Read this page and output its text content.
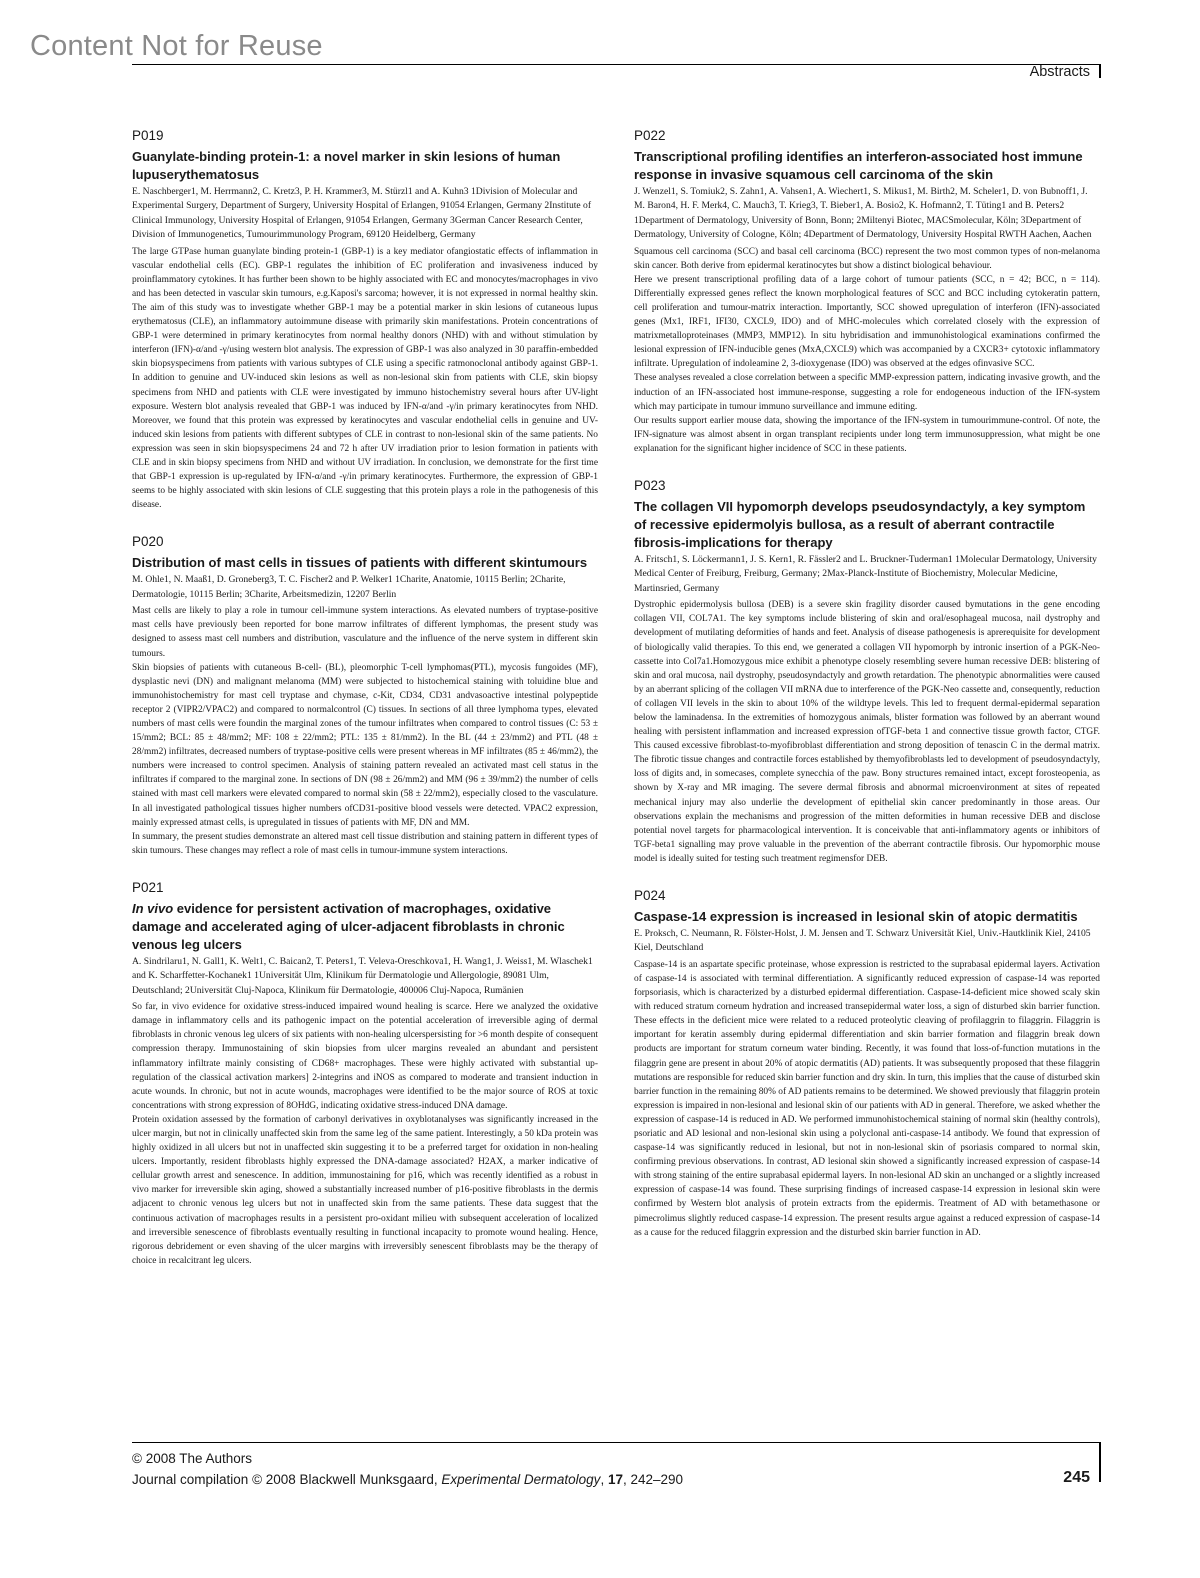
Content Not for Reuse
Abstracts
P019
Guanylate-binding protein-1: a novel marker in skin lesions of human lupuserythematosus
E. Naschberger1, M. Herrmann2, C. Kretz3, P. H. Krammer3, M. Stürzl1 and A. Kuhn3 1Division of Molecular and Experimental Surgery, Department of Surgery, University Hospital of Erlangen, 91054 Erlangen, Germany 2Institute of Clinical Immunology, University Hospital of Erlangen, 91054 Erlangen, Germany 3German Cancer Research Center, Division of Immunogenetics, Tumourimmunology Program, 69120 Heidelberg, Germany

The large GTPase human guanylate binding protein-1 (GBP-1) is a key mediator ofangiostatic effects of inflammation in vascular endothelial cells (EC). GBP-1 regulates the inhibition of EC proliferation and invasiveness induced by proinflammatory cytokines. It has further been shown to be highly associated with EC and monocytes/macrophages in vivo and has been detected in vascular skin tumours, e.g.Kaposi's sarcoma; however, it is not expressed in normal healthy skin. The aim of this study was to investigate whether GBP-1 may be a potential marker in skin lesions of cutaneous lupus erythematosus (CLE), an inflammatory autoimmune disease with primarily skin manifestations. Protein concentrations of GBP-1 were determined in primary keratinocytes from normal healthy donors (NHD) with and without stimulation by interferon (IFN)-α/and -γ/using western blot analysis. The expression of GBP-1 was also analyzed in 30 paraffin-embedded skin biopsyspecimens from patients with various subtypes of CLE using a specific ratmonoclonal antibody against GBP-1. In addition to genuine and UV-induced skin lesions as well as non-lesional skin from patients with CLE, skin biopsy specimens from NHD and patients with CLE were investigated by immuno histochemistry several hours after UV-light exposure. Western blot analysis revealed that GBP-1 was induced by IFN-α/and -γ/in primary keratinocytes from NHD. Moreover, we found that this protein was expressed by keratinocytes and vascular endothelial cells in genuine and UV-induced skin lesions from patients with different subtypes of CLE in contrast to non-lesional skin of the same patients. No expression was seen in skin biopsyspecimens 24 and 72 h after UV irradiation prior to lesion formation in patients with CLE and in skin biopsy specimens from NHD and without UV irradiation. In conclusion, we demonstrate for the first time that GBP-1 expression is up-regulated by IFN-α/and -γ/in primary keratinocytes. Furthermore, the expression of GBP-1 seems to be highly associated with skin lesions of CLE suggesting that this protein plays a role in the pathogenesis of this disease.

P020
Distribution of mast cells in tissues of patients with different skintumours
M. Ohle1, N. Maaß1, D. Groneberg3, T. C. Fischer2 and P. Welker1 1Charite, Anatomie, 10115 Berlin; 2Charite, Dermatologie, 10115 Berlin; 3Charite, Arbeitsmedizin, 12207 Berlin

Mast cells are likely to play a role in tumour cell-immune system interactions. As elevated numbers of tryptase-positive mast cells have previously been reported for bone marrow infiltrates of different lymphomas, the present study was designed to assess mast cell numbers and distribution, vasculature and the influence of the nerve system in different skin tumours.

Skin biopsies of patients with cutaneous B-cell- (BL), pleomorphic T-cell lymphomas(PTL), mycosis fungoides (MF), dysplastic nevi (DN) and malignant melanoma (MM) were subjected to histochemical staining with toluidine blue and immunohistochemistry for mast cell tryptase and chymase, c-Kit, CD34, CD31 andvasoactive intestinal polypeptide receptor 2 (VIPR2/VPAC2) and compared to normalcontrol (C) tissues. In sections of all three lymphoma types, elevated numbers of mast cells were foundin the marginal zones of the tumour infiltrates when compared to control tissues (C: 53 ± 15/mm2; BCL: 85 ± 48/mm2; MF: 108 ± 22/mm2; PTL: 135 ± 81/mm2). In the BL (44 ± 23/mm2) and PTL (48 ± 28/mm2) infiltrates, decreased numbers of tryptase-positive cells were present whereas in MF infiltrates (85 ± 46/mm2), the numbers were increased to control specimen. Analysis of staining pattern revealed an activated mast cell status in the infiltrates if compared to the marginal zone. In sections of DN (98 ± 26/mm2) and MM (96 ± 39/mm2) the number of cells stained with mast cell markers were elevated compared to normal skin (58 ± 22/mm2), especially closed to the vasculature. In all investigated pathological tissues higher numbers ofCD31-positive blood vessels were detected. VPAC2 expression, mainly expressed atmast cells, is upregulated in tissues of patients with MF, DN and MM.

In summary, the present studies demonstrate an altered mast cell tissue distribution and staining pattern in different types of skin tumours. These changes may reflect a role of mast cells in tumour-immune system interactions.

P021
In vivo evidence for persistent activation of macrophages, oxidative damage and accelerated aging of ulcer-adjacent fibroblasts in chronic venous leg ulcers
A. Sindrilaru1, N. Gall1, K. Welt1, C. Baican2, T. Peters1, T. Veleva-Oreschkova1, H. Wang1, J. Weiss1, M. Wlaschek1 and K. Scharffetter-Kochanek1 1Universität Ulm, Klinikum für Dermatologie und Allergologie, 89081 Ulm, Deutschland; 2Universität Cluj-Napoca, Klinikum für Dermatologie, 400006 Cluj-Napoca, Rumänien

So far, in vivo evidence for oxidative stress-induced impaired wound healing is scarce. Here we analyzed the oxidative damage in inflammatory cells and its pathogenic impact on the potential acceleration of irreversible aging of dermal fibroblasts in chronic venous leg ulcers of six patients with non-healing ulcerspersisting for >6 month despite of consequent compression therapy. Immunostaining of skin biopsies from ulcer margins revealed an abundant and persistent inflammatory infiltrate mainly consisting of CD68+ macrophages. These were highly activated with substantial up-regulation of the classical activation markers] 2-integrins and iNOS as compared to moderate and transient induction in acute wounds. In chronic, but not in acute wounds, macrophages were identified to be the major source of ROS at toxic concentrations with strong expression of 8OHdG, indicating oxidative stress-induced DNA damage.

Protein oxidation assessed by the formation of carbonyl derivatives in oxyblotanalyses was significantly increased in the ulcer margin, but not in clinically unaffected skin from the same leg of the same patient. Interestingly, a 50 kDa protein was highly oxidized in all ulcers but not in unaffected skin suggesting it to be a preferred target for oxidation in non-healing ulcers. Importantly, resident fibroblasts highly expressed the DNA-damage associated? H2AX, a marker indicative of cellular growth arrest and senescence. In addition, immunostaining for p16, which was recently identified as a robust in vivo marker for irreversible skin aging, showed a substantially increased number of p16-positive fibroblasts in the dermis adjacent to chronic venous leg ulcers but not in unaffected skin from the same patients. These data suggest that the continuous activation of macrophages results in a persistent pro-oxidant milieu with subsequent acceleration of localized and irreversible senescence of fibroblasts eventually resulting in functional incapacity to promote wound healing. Hence, rigorous debridement or even shaving of the ulcer margins with irreversibly senescent fibroblasts may be the therapy of choice in recalcitrant leg ulcers.

P022
Transcriptional profiling identifies an interferon-associated host immune response in invasive squamous cell carcinoma of the skin
J. Wenzel1, S. Tomiuk2, S. Zahn1, A. Vahsen1, A. Wiechert1, S. Mikus1, M. Birth2, M. Scheler1, D. von Bubnoff1, J. M. Baron4, H. F. Merk4, C. Mauch3, T. Krieg3, T. Bieber1, A. Bosio2, K. Hofmann2, T. Tüting1 and B. Peters2 1Department of Dermatology, University of Bonn, Bonn; 2Miltenyi Biotec, MACSmolecular, Köln; 3Department of Dermatology, University of Cologne, Köln; 4Department of Dermatology, University Hospital RWTH Aachen, Aachen

Squamous cell carcinoma (SCC) and basal cell carcinoma (BCC) represent the two most common types of non-melanoma skin cancer. Both derive from epidermal keratinocytes but show a distinct biological behaviour.

Here we present transcriptional profiling data of a large cohort of tumour patients (SCC, n = 42; BCC, n = 114). Differentially expressed genes reflect the known morphological features of SCC and BCC including cytokeratin pattern, cell proliferation and tumour-matrix interaction. Importantly, SCC showed upregulation of interferon (IFN)-associated genes (Mx1, IRF1, IFI30, CXCL9, IDO) and of MHC-molecules which correlated closely with the expression of matrixmetalloproteinases (MMP3, MMP12). In situ hybridisation and immunohistological examinations confirmed the lesional expression of IFN-inducible genes (MxA,CXCL9) which was accompanied by a CXCR3+ cytotoxic inflammatory infiltrate. Upregulation of indoleamine 2, 3-dioxygenase (IDO) was observed at the edges ofinvasive SCC.

These analyses revealed a close correlation between a specific MMP-expression pattern, indicating invasive growth, and the induction of an IFN-associated host immune-response, suggesting a role for endogeneous induction of the IFN-system which may participate in tumour immuno surveillance and immune editing.

Our results support earlier mouse data, showing the importance of the IFN-system in tumourimmune-control. Of note, the IFN-signature was almost absent in organ transplant recipients under long term immunosuppression, what might be one explanation for the significant higher incidence of SCC in these patients.

P023
The collagen VII hypomorph develops pseudosyndactyly, a key symptom of recessive epidermolyis bullosa, as a result of aberrant contractile fibrosis-implications for therapy
A. Fritsch1, S. Löckermann1, J. S. Kern1, R. Fässler2 and L. Bruckner-Tuderman1 1Molecular Dermatology, University Medical Center of Freiburg, Freiburg, Germany; 2Max-Planck-Institute of Biochemistry, Molecular Medicine, Martinsried, Germany

Dystrophic epidermolysis bullosa (DEB) is a severe skin fragility disorder caused bymutations in the gene encoding collagen VII, COL7A1. The key symptoms include blistering of skin and oral/esophageal mucosa, nail dystrophy and development of mutilating deformities of hands and feet. Analysis of disease pathogenesis is aprerequisite for development of biologically valid therapies. To this end, we generated a collagen VII hypomorph by intronic insertion of a PGK-Neo-cassette into Col7a1.Homozygous mice exhibit a phenotype closely resembling severe human recessive DEB: blistering of skin and oral mucosa, nail dystrophy, pseudosyndactyly and growth retardation. The phenotypic abnormalities were caused by an aberrant splicing of the collagen VII mRNA due to interference of the PGK-Neo cassette and, consequently, reduction of collagen VII levels in the skin to about 10% of the wildtype levels. This led to frequent dermal-epidermal separation below the laminadensa. In the extremities of homozygous animals, blister formation was followed by an aberrant wound healing with persistent inflammation and increased expression ofTGF-beta 1 and connective tissue growth factor, CTGF. This caused excessive fibroblast-to-myofibroblast differentiation and strong deposition of tenascin C in the dermal matrix. The fibrotic tissue changes and contractile forces established by themyofibroblasts led to development of pseudosyndactyly, loss of digits and, in somecases, complete synecchia of the paw. Bony structures remained intact, except forosteopenia, as shown by X-ray and MR imaging. The severe dermal fibrosis and abnormal microenvironment at sites of repeated mechanical injury may also underlie the development of epithelial skin cancer predominantly in those areas. Our observations explain the mechanisms and progression of the mitten deformities in human recessive DEB and disclose potential novel targets for pharmacological intervention. It is conceivable that anti-inflammatory agents or inhibitors of TGF-beta1 signalling may prove valuable in the prevention of the aberrant contractile fibrosis. Our hypomorphic mouse model is ideally suited for testing such treatment regimensfor DEB.

P024
Caspase-14 expression is increased in lesional skin of atopic dermatitis
E. Proksch, C. Neumann, R. Fölster-Holst, J. M. Jensen and T. Schwarz Universität Kiel, Univ.-Hautklinik Kiel, 24105 Kiel, Deutschland

Caspase-14 is an aspartate specific proteinase, whose expression is restricted to the suprabasal epidermal layers. Activation of caspase-14 is associated with terminal differentiation. A significantly reduced expression of caspase-14 was reported forpsoriasis, which is characterized by a disturbed epidermal differentiation. Caspase-14-deficient mice showed scaly skin with reduced stratum corneum hydration and increased transepidermal water loss, a sign of disturbed skin barrier function. These effects in the deficient mice were related to a reduced proteolytic cleaving of profilaggrin to filaggrin. Filaggrin is important for keratin assembly during epidermal differentiation and skin barrier formation and filaggrin break down products are important for stratum corneum water binding. Recently, it was found that loss-of-function mutations in the filaggrin gene are present in about 20% of atopic dermatitis (AD) patients. It was subsequently proposed that these filaggrin mutations are responsible for reduced skin barrier function and dry skin. In turn, this implies that the cause of disturbed skin barrier function in the remaining 80% of AD patients remains to be determined. We showed previously that filaggrin protein expression is impaired in non-lesional and lesional skin of our patients with AD in general. Therefore, we asked whether the expression of caspase-14 is reduced in AD. We performed immunohistochemical staining of normal skin (healthy controls), psoriatic and AD lesional and non-lesional skin using a polyclonal anti-caspase-14 antibody. We found that expression of caspase-14 was significantly reduced in lesional, but not in non-lesional skin of psoriasis compared to normal skin, confirming previous observations. In contrast, AD lesional skin showed a significantly increased expression of caspase-14 with strong staining of the entire suprabasal epidermal layers. In non-lesional AD skin an unchanged or a slightly increased expression of caspase-14 was found. These surprising findings of increased caspase-14 expression in lesional skin were confirmed by Western blot analysis of protein extracts from the epidermis. Treatment of AD with betamethasone or pimecrolimus slightly reduced caspase-14 expression. The present results argue against a reduced expression of caspase-14 as a cause for the reduced filaggrin expression and the disturbed skin barrier function in AD.

© 2008 The Authors
Journal compilation © 2008 Blackwell Munksgaard, Experimental Dermatology, 17, 242–290	245
